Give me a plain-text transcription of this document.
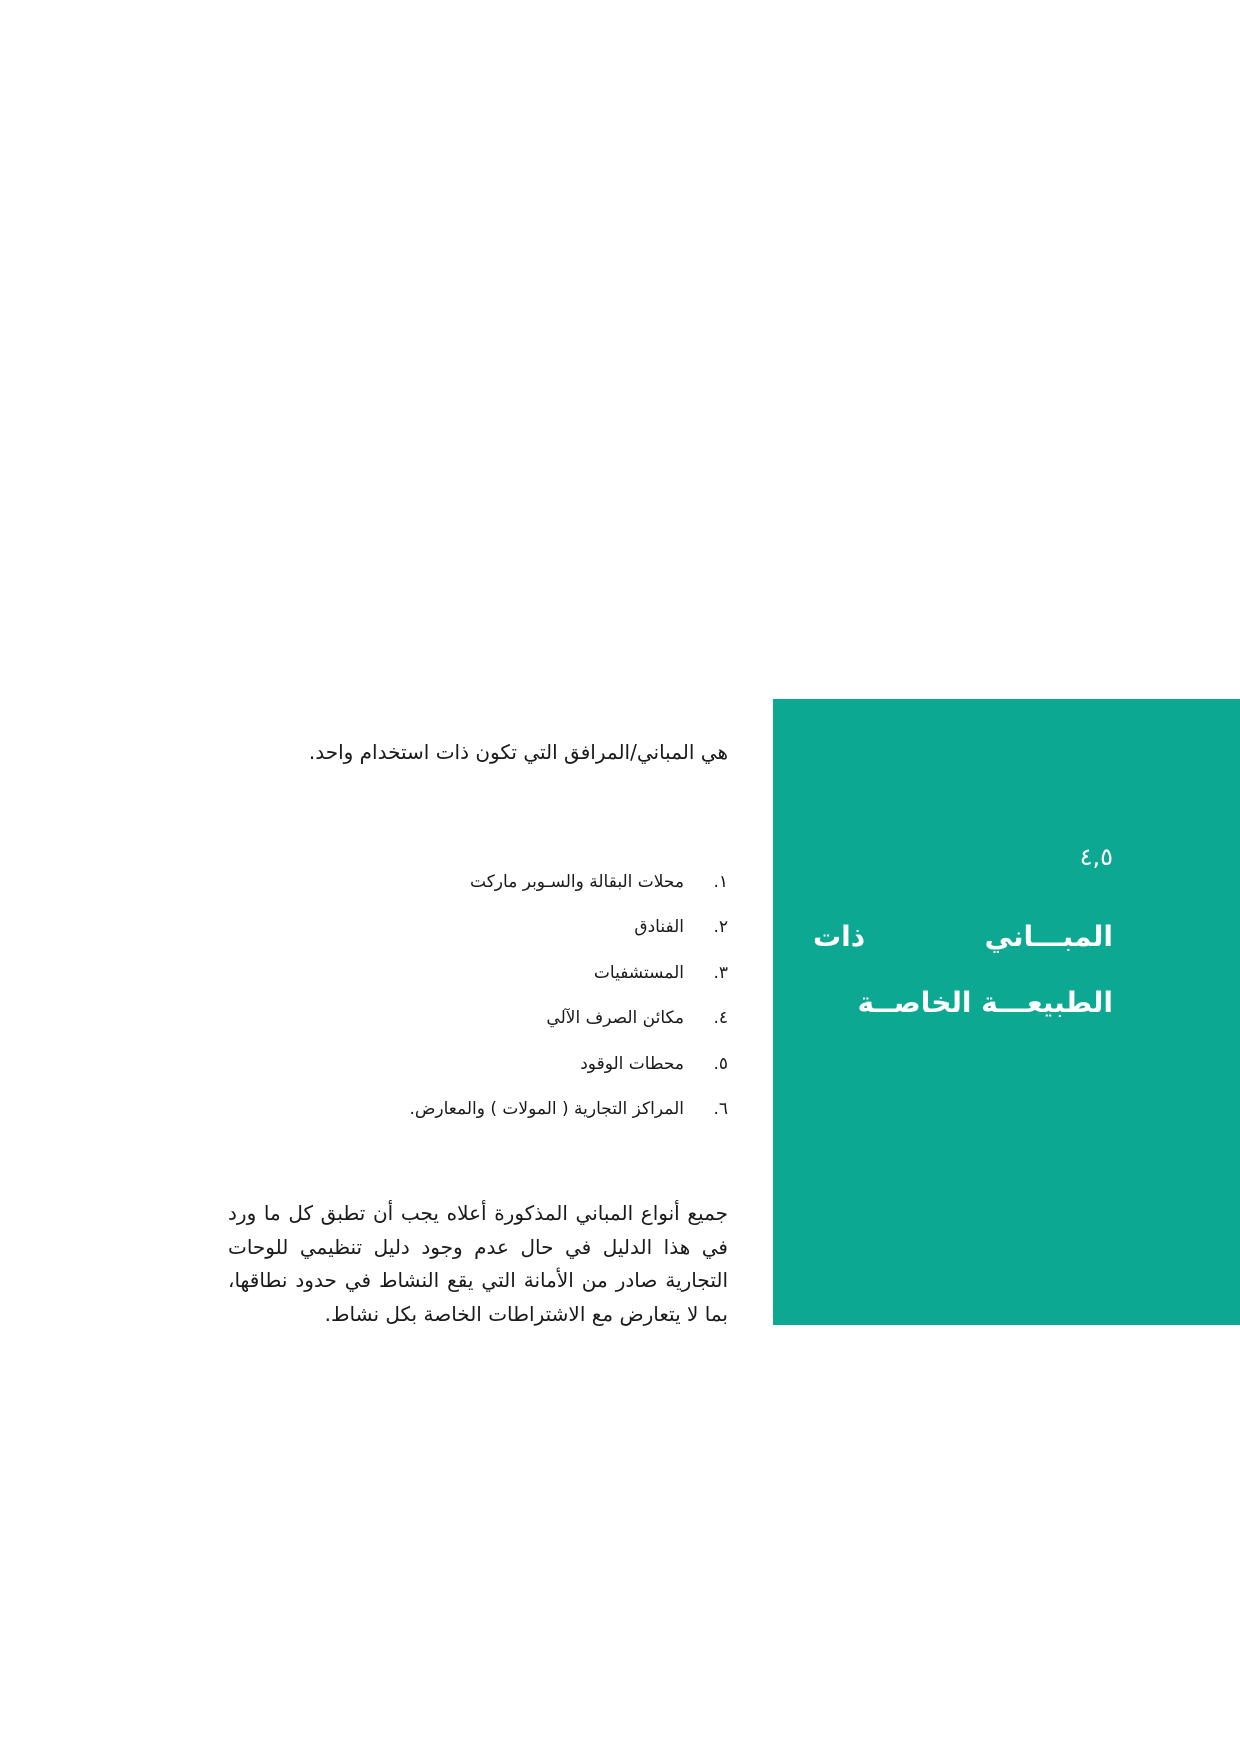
٤,٥
المبـــاني ذات الطبيعـــة الخاصــة

هي المباني/المرافق التي تكون ذات استخدام واحد.

١.
محلات البقالة والسـوبر ماركت
٢.
الفنادق
٣.
المستشفيات
٤.
مكائن الصرف الآلي
٥.
محطات الوقود
٦.
المراكز التجارية ( المولات ) والمعارض.

جميع أنواع المباني المذكورة أعلاه يجب أن تطبق كل ما ورد في هذا الدليل في حال عدم وجود دليل تنظيمي للوحات التجارية صادر من الأمانة التي يقع النشاط في حدود نطاقها، بما لا يتعارض مع الاشتراطات الخاصة بكل نشاط.
